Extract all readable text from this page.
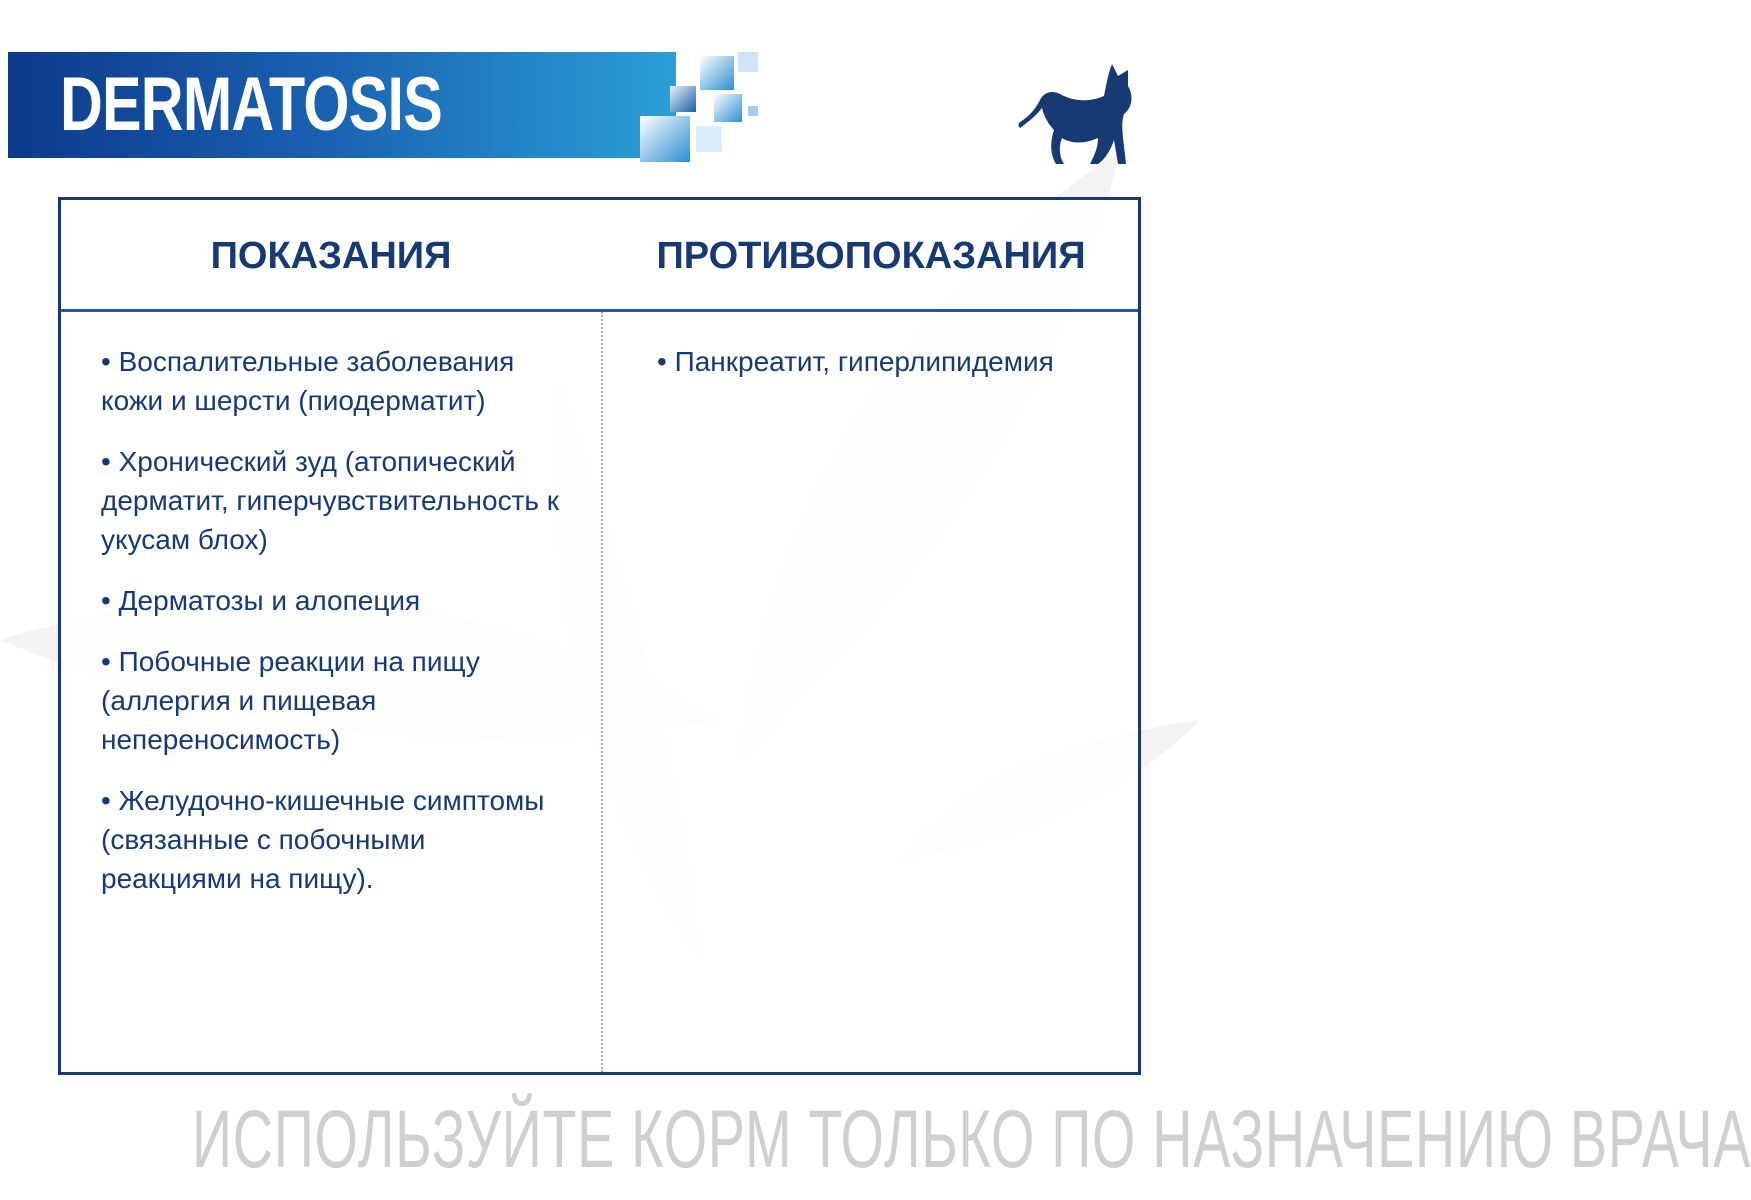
DERMATOSIS
ПОКАЗАНИЯ	ПРОТИВОПОКАЗАНИЯ
• Воспалительные заболевания кожи и шерсти (пиодерматит)
• Хронический зуд (атопический дерматит, гиперчувствительность к укусам блох)
• Дерматозы и алопеция
• Побочные реакции на пищу (аллергия и пищевая непереносимость)
• Желудочно-кишечные симптомы (связанные с побочными реакциями на пищу).
• Панкреатит, гиперлипидемия
ИСПОЛЬЗУЙТЕ КОРМ ТОЛЬКО ПО НАЗНАЧЕНИЮ ВРАЧА
